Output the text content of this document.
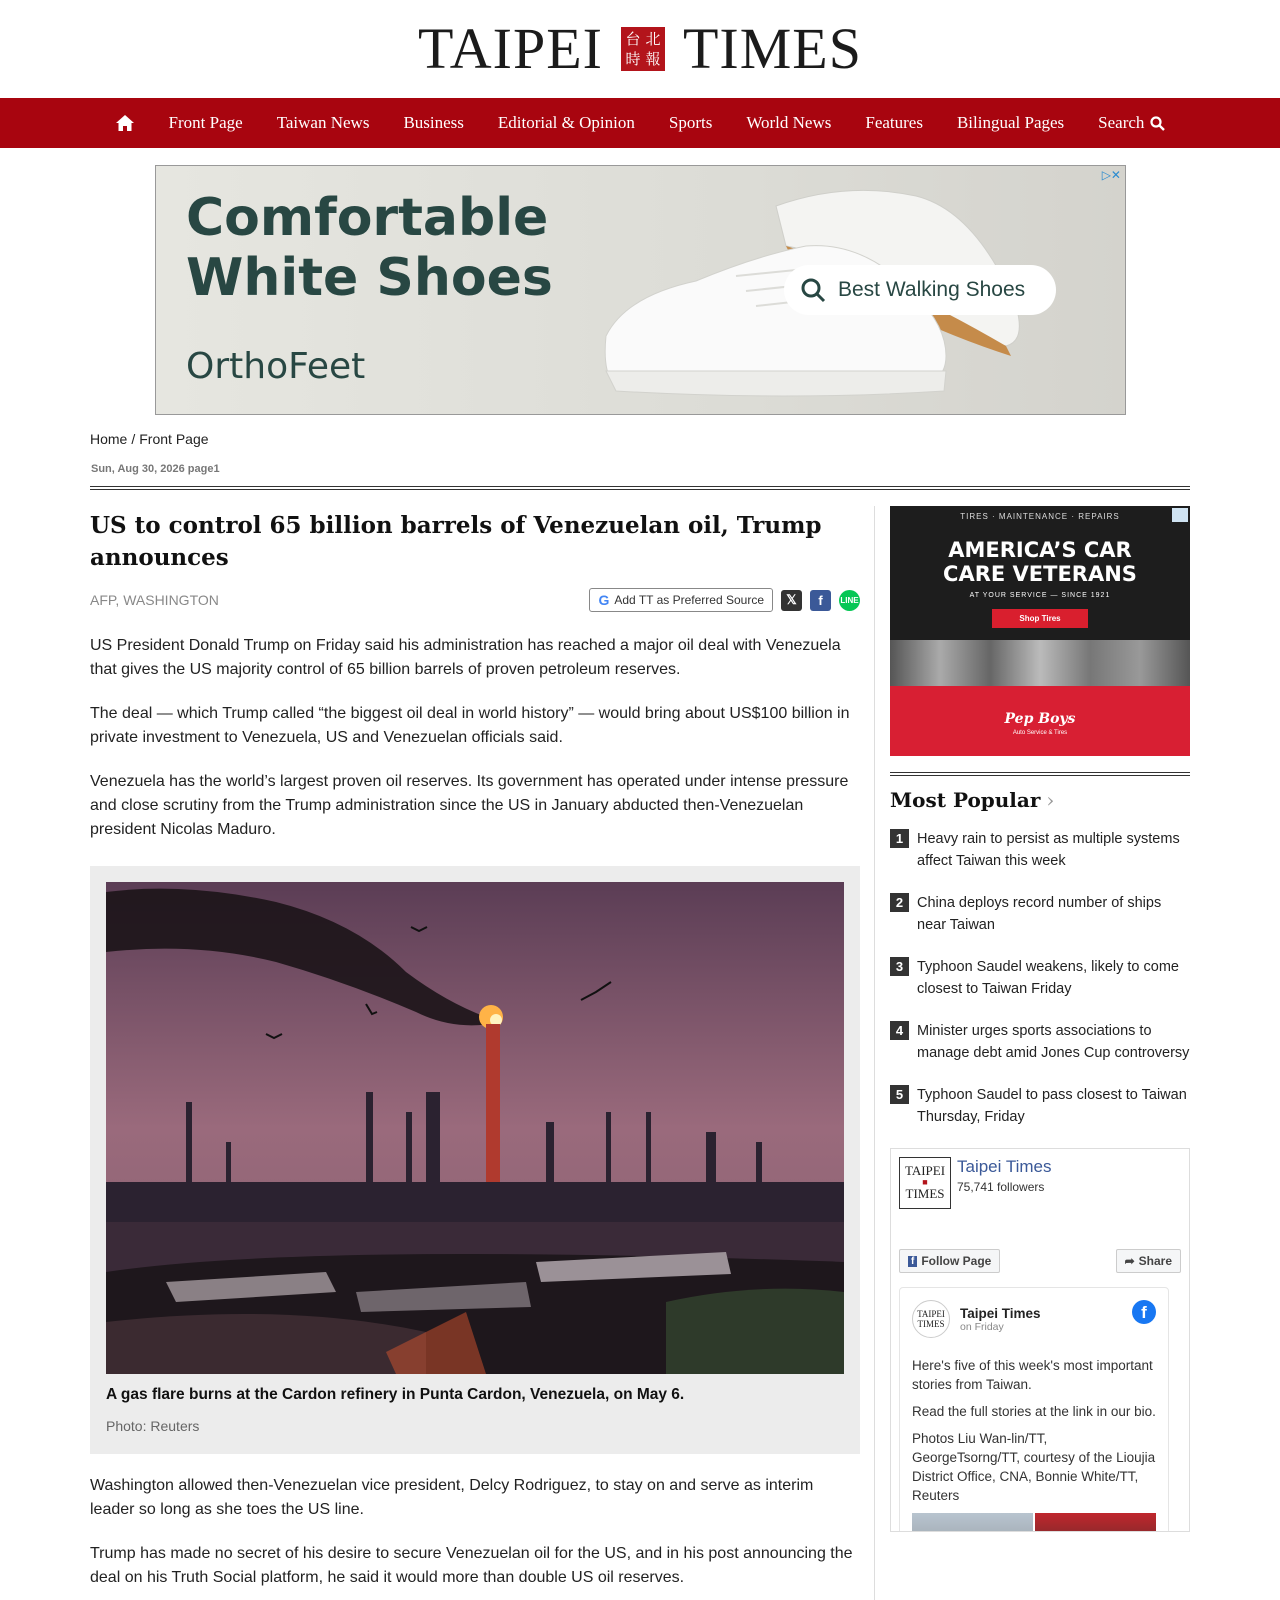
TAIPEI 台 北
時 報 TIMES
Front Page Taiwan News Business Editorial & Opinion Sports World News Features Bilingual Pages Search
Comfortable
White Shoes
OrthoFeet
Best Walking Shoes
▷✕
Home / Front Page
Sun, Aug 30, 2026 page1
US to control 65 billion barrels of Venezuelan oil, Trump announces
AFP, WASHINGTON	G Add TT as Preferred Source	𝕏	f	LINE

US President Donald Trump on Friday said his administration has reached a major oil deal with Venezuela that gives the US majority control of 65 billion barrels of proven petroleum reserves.

The deal — which Trump called “the biggest oil deal in world history” — would bring about US$100 billion in private investment to Venezuela, US and Venezuelan officials said.

Venezuela has the world’s largest proven oil reserves. Its government has operated under intense pressure and close scrutiny from the Trump administration since the US in January abducted then-Venezuelan president Nicolas Maduro.

A gas flare burns at the Cardon refinery in Punta Cardon, Venezuela, on May 6.
Photo: Reuters

Washington allowed then-Venezuelan vice president, Delcy Rodriguez, to stay on and serve as interim leader so long as she toes the US line.

Trump has made no secret of his desire to secure Venezuelan oil for the US, and in his post announcing the deal on his Truth Social platform, he said it would more than double US oil reserves.

TIRES · MAINTENANCE · REPAIRS
AMERICA’S CAR
CARE VETERANS
AT YOUR SERVICE — SINCE 1921
Shop Tires
Pep Boys
Auto Service & Tires
Most Popular ›
1 Heavy rain to persist as multiple systems affect Taiwan this week
2 China deploys record number of ships near Taiwan
3 Typhoon Saudel weakens, likely to come closest to Taiwan Friday
4 Minister urges sports associations to manage debt amid Jones Cup controversy
5 Typhoon Saudel to pass closest to Taiwan Thursday, Friday
TAIPEI
■
TIMES
Taipei Times
75,741 followers
f Follow Page	➦ Share
TAIPEI
TIMES
Taipei Times
on Friday
f

Here's five of this week's most important stories from Taiwan.

Read the full stories at the link in our bio.

Photos Liu Wan-lin/TT, GeorgeTsorng/TT, courtesy of the Lioujia District Office, CNA, Bonnie White/TT, Reuters
